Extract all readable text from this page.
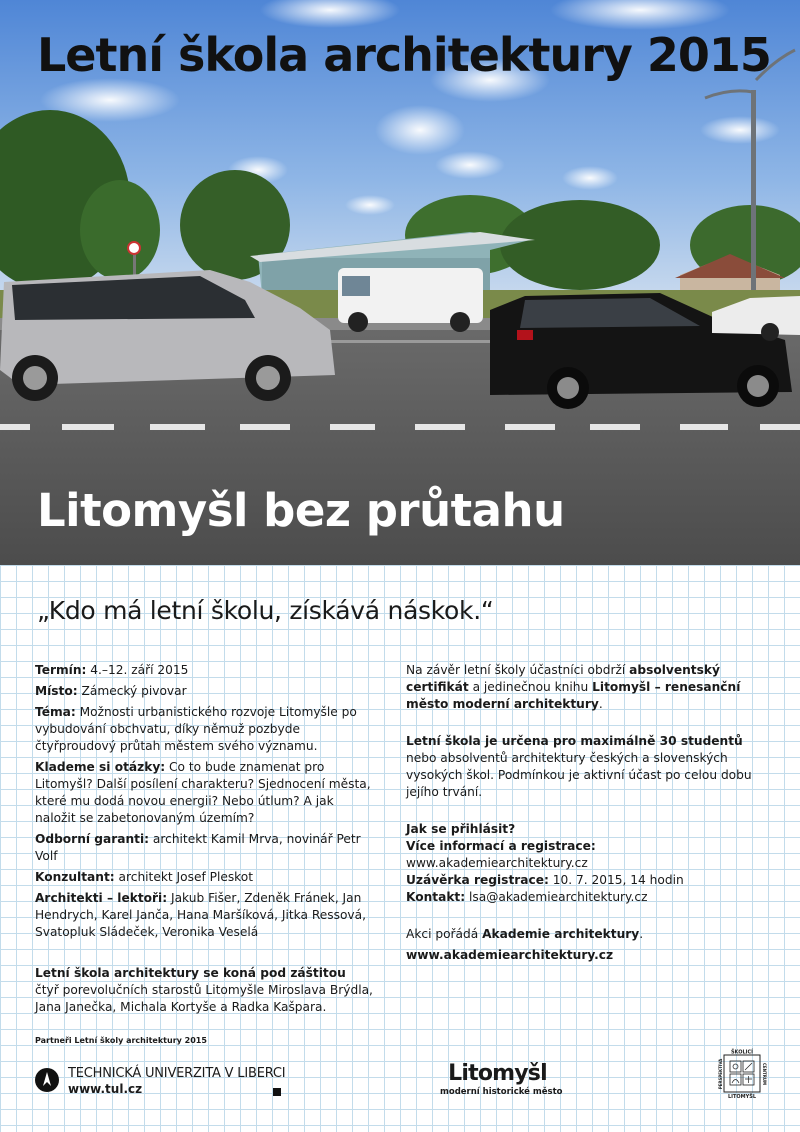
Letní škola architektury 2015
Litomyšl bez průtahu
„Kdo má letní školu, získává náskok.“
Termín: 4.–12. září 2015
Místo: Zámecký pivovar
Téma: Možnosti urbanistického rozvoje Litomyšle po vybudování obchvatu, díky němuž pozbyde čtyřproudový průtah městem svého významu.
Klademe si otázky: Co to bude znamenat pro Litomyšl? Další posílení charakteru? Sjednocení města, které mu dodá novou energii? Nebo útlum? A jak naložit se zabetonovaným územím?
Odborní garanti: architekt Kamil Mrva, novinář Petr Volf
Konzultant: architekt Josef Pleskot
Architekti – lektoři: Jakub Fišer, Zdeněk Fránek, Jan Hendrych, Karel Janča, Hana Maršíková, Jitka Ressová, Svatopluk Sládeček, Veronika Veselá
Letní škola architektury se koná pod záštitou
čtyř porevolučních starostů Litomyšle Miroslava Brýdla, Jana Janečka, Michala Kortyše a Radka Kašpara.
Na závěr letní školy účastníci obdrží absolventský certifikát a jedinečnou knihu Litomyšl – renesanční město moderní architektury.
Letní škola je určena pro maximálně 30 studentů
nebo absolventů architektury českých a slovenských vysokých škol. Podmínkou je aktivní účast po celou dobu jejího trvání.
Jak se přihlásit?
Více informací a registrace: www.akademiearchitektury.cz
Uzávěrka registrace: 10. 7. 2015, 14 hodin
Kontakt: lsa@akademiearchitektury.cz
Akci pořádá Akademie architektury.
www.akademiearchitektury.cz
Partneři Letní školy architektury 2015
TECHNICKÁ UNIVERZITA V LIBERCI
www.tul.cz
Litomyšl
moderní historické město
ŠKOLICÍ
LITOMYŠL
PERSPEKTIVA	CENTRUM
